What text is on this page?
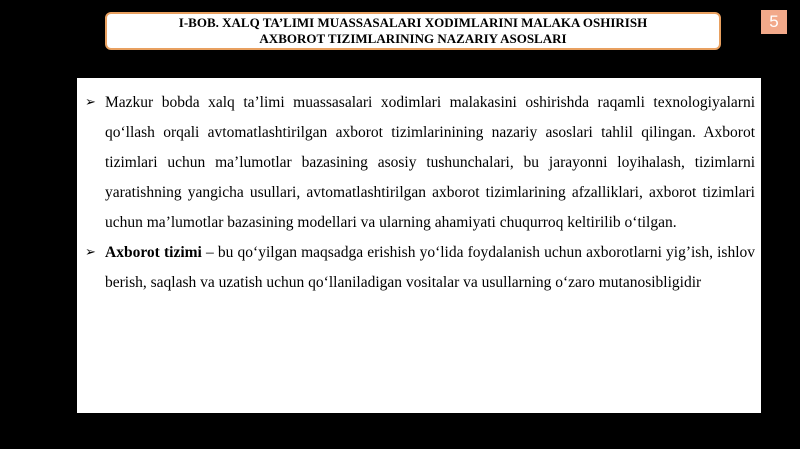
I-BOB. XALQ TA’LIMI MUASSASALARI XODIMLARINI MALAKA OSHIRISH
AXBOROT TIZIMLARINING NAZARIY ASOSLARI
5
➢ Mazkur bobda xalq ta’limi muassasalari xodimlari malakasini oshirishda raqamli texnologiyalarni qo‘llash orqali avtomatlashtirilgan axborot tizimlarinining nazariy asoslari tahlil qilingan. Axborot tizimlari uchun ma’lumotlar bazasining asosiy tushunchalari, bu jarayonni loyihalash, tizimlarni yaratishning yangicha usullari, avtomatlashtirilgan axborot tizimlarining afzalliklari, axborot tizimlari uchun ma’lumotlar bazasining modellari va ularning ahamiyati chuqurroq keltirilib o‘tilgan.
➢ Axborot tizimi – bu qo‘yilgan maqsadga erishish yo‘lida foydalanish uchun axborotlarni yig’ish, ishlov berish, saqlash va uzatish uchun qo‘llaniladigan vositalar va usullarning o‘zaro mutanosibligidir
